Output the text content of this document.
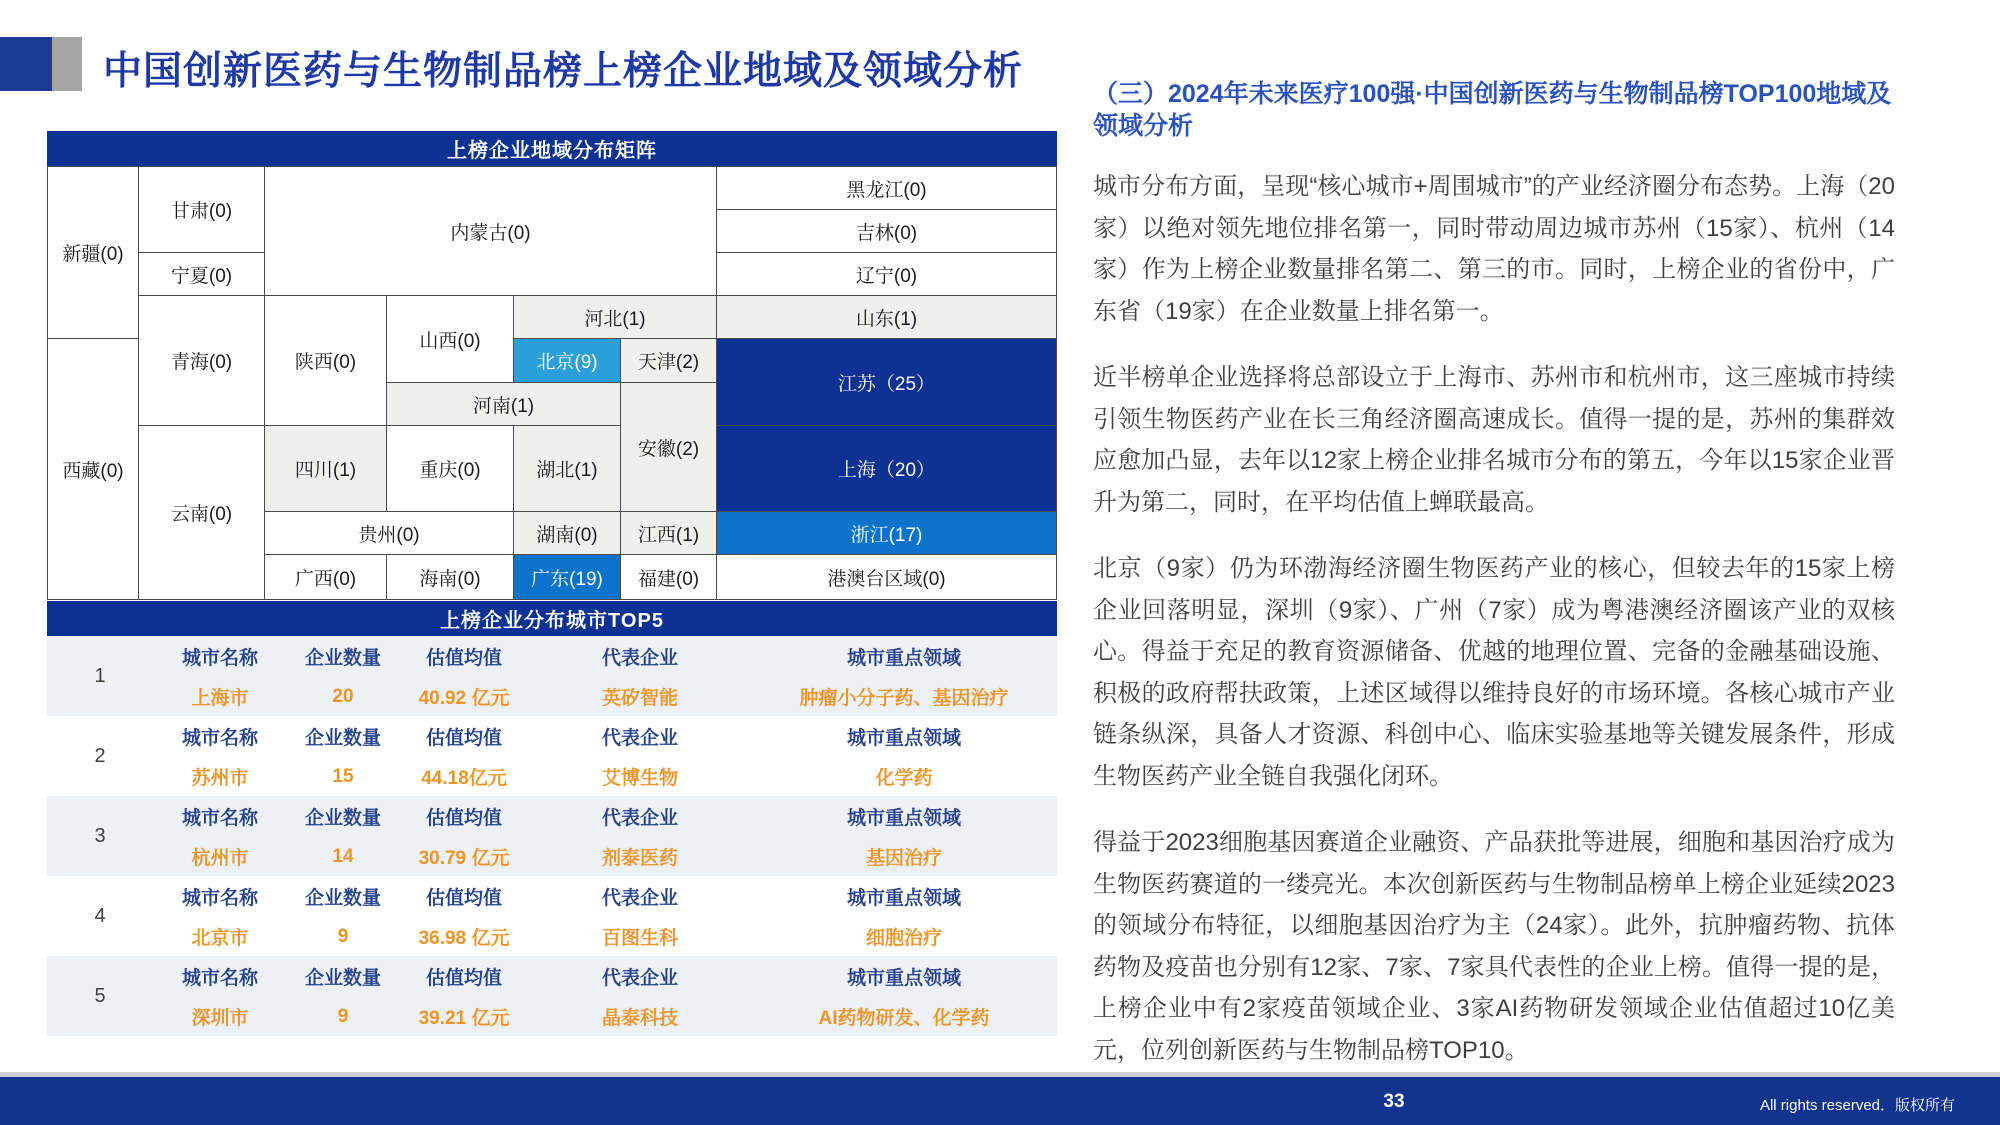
中国创新医药与生物制品榜上榜企业地域及领域分析
上榜企业地域分布矩阵
新疆(0)
甘肃(0)
内蒙古(0)
黑龙江(0)
吉林(0)
宁夏(0)	辽宁(0)
青海(0)	陕西(0)
山西(0)
河北(1)	山东(1)
西藏(0)
北京(9)	天津(2)
江苏（25）
河南(1)
安徽(2)
云南(0)
四川(1)	重庆(0)	湖北(1)	上海（20）
贵州(0)	湖南(0)	江西(1)	浙江(17)
广西(0)	海南(0)	广东(19)	福建(0)	港澳台区域(0)
上榜企业分布城市TOP5
1
城市名称	企业数量	估值均值	代表企业	城市重点领域
上海市	20	40.92 亿元	英矽智能	肿瘤小分子药、基因治疗
2
城市名称	企业数量	估值均值	代表企业	城市重点领域
苏州市	15	44.18亿元	艾博生物	化学药
3
城市名称	企业数量	估值均值	代表企业	城市重点领域
杭州市	14	30.79 亿元	剂泰医药	基因治疗
4
城市名称	企业数量	估值均值	代表企业	城市重点领域
北京市	9	36.98 亿元	百图生科	细胞治疗
5
城市名称	企业数量	估值均值	代表企业	城市重点领域
深圳市	9	39.21 亿元	晶泰科技	AI药物研发、化学药
（三）2024年未来医疗100强·中国创新医药与生物制品榜TOP100地域及领域分析

城市分布方面，呈现“核心城市+周围城市”的产业经济圈分布态势。上海（20家）以绝对领先地位排名第一，同时带动周边城市苏州（15家）、杭州（14家）作为上榜企业数量排名第二、第三的市。同时，上榜企业的省份中，广东省（19家）在企业数量上排名第一。

近半榜单企业选择将总部设立于上海市、苏州市和杭州市，这三座城市持续引领生物医药产业在长三角经济圈高速成长。值得一提的是，苏州的集群效应愈加凸显，去年以12家上榜企业排名城市分布的第五，今年以15家企业晋升为第二，同时，在平均估值上蝉联最高。

北京（9家）仍为环渤海经济圈生物医药产业的核心，但较去年的15家上榜企业回落明显，深圳（9家）、广州（7家）成为粤港澳经济圈该产业的双核心。得益于充足的教育资源储备、优越的地理位置、完备的金融基础设施、积极的政府帮扶政策，上述区域得以维持良好的市场环境。各核心城市产业链条纵深，具备人才资源、科创中心、临床实验基地等关键发展条件，形成生物医药产业全链自我强化闭环。

得益于2023细胞基因赛道企业融资、产品获批等进展，细胞和基因治疗成为生物医药赛道的一缕亮光。本次创新医药与生物制品榜单上榜企业延续2023的领域分布特征，以细胞基因治疗为主（24家）。此外，抗肿瘤药物、抗体药物及疫苗也分别有12家、7家、7家具代表性的企业上榜。值得一提的是，上榜企业中有2家疫苗领域企业、3家AI药物研发领域企业估值超过10亿美元，位列创新医药与生物制品榜TOP10。

33	All rights reserved．版权所有
